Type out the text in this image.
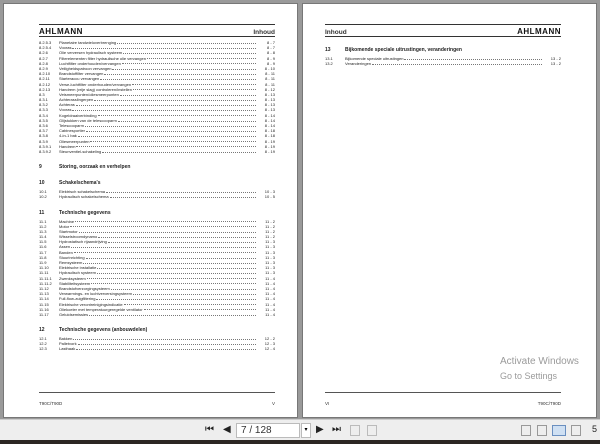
AHLMANN	Inhoud
8.2.5.3	Planetaire tandwieloverbrenging	8 - 7
8.2.5.4	Vooras	8 - 7
8.2.6	Olie verversen hydraulisch systeem	8 - 8
8.2.7	Filterelementen filter hydraulische olie vervangen	8 - 9
8.2.8	Luchtfilter onderhouden/vervangen	8 - 9
8.2.9	Veiligheidspatroon vervangen	8 - 10
8.2.10	Brandstoffilter vervangen	8 - 11
8.2.11	Starteraccu vervangen	8 - 11
8.2.12	Verse-luchtfilter onderhouden/vervangen	8 - 11
8.2.13	Handrem (vrije slag) controleren/instellen	8 - 12
8.3	Vetsmeerpunten/oliesmeerpunten	8 - 13
8.3.1	Achterasslingerpen	8 - 13
8.3.2	Achteras	8 - 13
8.3.3	Vooras	8 - 13
8.3.4	Kogeldraaiverbinding	8 - 14
8.3.5	Glijstukken van de telescooparm	8 - 14
8.3.6	Telescooparm	8 - 14
8.3.7	Cabinesportier	8 - 18
8.3.8	4-in-1 bak	8 - 18
8.3.9	Oliesmeerpunten	8 - 19
8.3.9.1	Handrem	8 - 19
8.3.9.2	Steunventiel-schakeling	8 - 19
9	Storing, oorzaak en verhelpen
10	Schakelschema's
10.1	Elektrisch schakelschema	10 - 3
10.2	Hydraulisch schakelschema	10 - 5
11	Technische gegevens
11.1	Machine	11 - 2
11.2	Motor	11 - 2
11.3	Startmotor	11 - 2
11.4	Wisselstroomdynamo	11 - 2
11.5	Hydrostatisch rijaandrijving	11 - 3
11.6	Assen	11 - 3
11.7	Banden	11 - 3
11.8	Stuurinrichting	11 - 3
11.9	Remsysteem	11 - 3
11.10	Elektrische installatie	11 - 3
11.11	Hydraulisch systeem	11 - 3
11.11.1	Zwenksysteem	11 - 4
11.11.2	Stabiliteitsysteem	11 - 4
11.12	Brandstofverzorgingsysteem	11 - 4
11.13	Verwarmings- en luchtverversingsysteem	11 - 4
11.14	Full-flow-zuigfiltering	11 - 4
11.15	Elektrische verontreinigingsindicatie	11 - 4
11.16	Oliekoeler met temperatuurgeregelde ventilator	11 - 4
11.17	Geluidsemissies	11 - 4
12	Technische gegevens (anbouwdelen)
12.1	Bakken	12 - 2
12.2	Palletvork	12 - 3
12.3	Lasthaak	12 - 4
T90C/T90D	V
Inhoud	AHLMANN
13	Bijkomende speciale uitrustingen, veranderingen
13.1	Bijkomende speciale uitrustingen	13 - 2
13.2	Veranderingen	13 - 2
VI	T90C/T90D
Activate Windows
Go to Settings
⏮ ◀	7 / 128	▾ ▶ ⏭	5
